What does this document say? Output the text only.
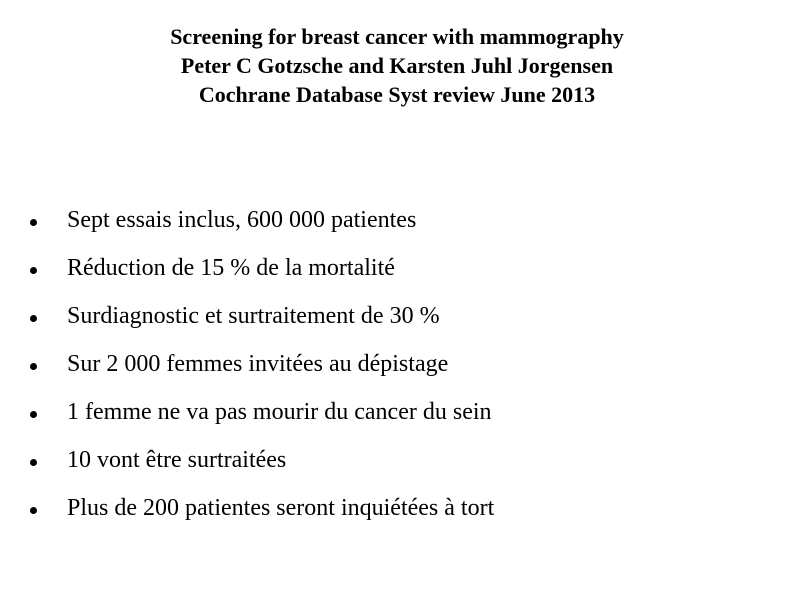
Screening for breast cancer with mammography

Peter C Gotzsche and Karsten Juhl Jorgensen

Cochrane Database Syst review June 2013

Sept essais inclus, 600 000 patientes
Réduction de 15 % de la mortalité
Surdiagnostic et surtraitement de 30 %
Sur 2 000 femmes invitées au dépistage
1 femme ne va pas mourir du cancer du sein
10 vont être surtraitées
Plus de 200 patientes seront inquiétées à tort
